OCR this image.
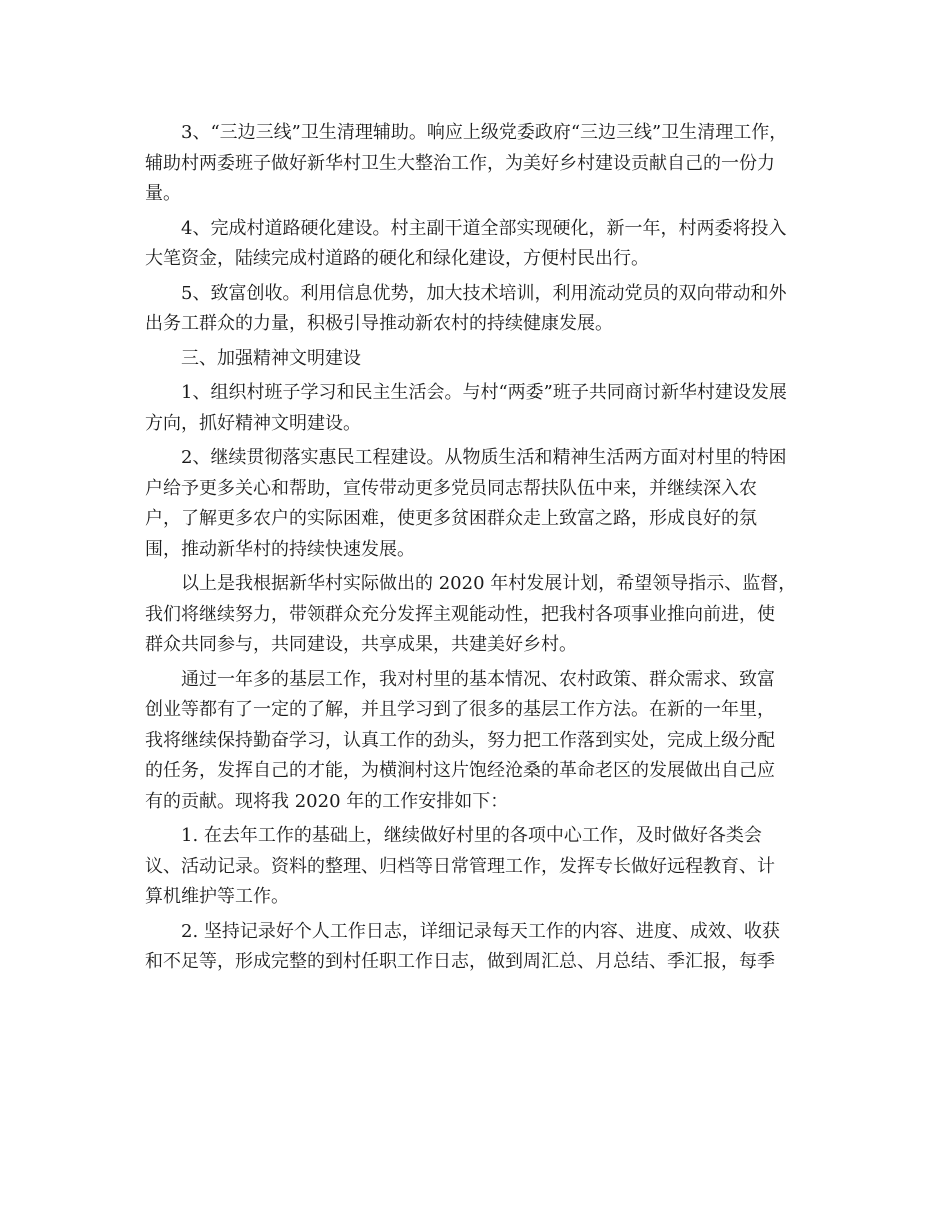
3、“三边三线”卫生清理辅助。响应上级党委政府“三边三线”卫生清理工作，
辅助村两委班子做好新华村卫生大整治工作，为美好乡村建设贡献自己的一份力
量。
4、完成村道路硬化建设。村主副干道全部实现硬化，新一年，村两委将投入
大笔资金，陆续完成村道路的硬化和绿化建设，方便村民出行。
5、致富创收。利用信息优势，加大技术培训，利用流动党员的双向带动和外
出务工群众的力量，积极引导推动新农村的持续健康发展。
三、加强精神文明建设
1、组织村班子学习和民主生活会。与村“两委”班子共同商讨新华村建设发展
方向，抓好精神文明建设。
2、继续贯彻落实惠民工程建设。从物质生活和精神生活两方面对村里的特困
户给予更多关心和帮助，宣传带动更多党员同志帮扶队伍中来，并继续深入农
户，了解更多农户的实际困难，使更多贫困群众走上致富之路，形成良好的氛
围，推动新华村的持续快速发展。
以上是我根据新华村实际做出的 2020 年村发展计划，希望领导指示、监督，
我们将继续努力，带领群众充分发挥主观能动性，把我村各项事业推向前进，使
群众共同参与，共同建设，共享成果，共建美好乡村。
通过一年多的基层工作，我对村里的基本情况、农村政策、群众需求、致富
创业等都有了一定的了解，并且学习到了很多的基层工作方法。在新的一年里，
我将继续保持勤奋学习，认真工作的劲头，努力把工作落到实处，完成上级分配
的任务，发挥自己的才能，为横涧村这片饱经沧桑的革命老区的发展做出自己应
有的贡献。现将我 2020 年的工作安排如下：
1. 在去年工作的基础上，继续做好村里的各项中心工作，及时做好各类会
议、活动记录。资料的整理、归档等日常管理工作，发挥专长做好远程教育、计
算机维护等工作。
2. 坚持记录好个人工作日志，详细记录每天工作的内容、进度、成效、收获
和不足等，形成完整的到村任职工作日志，做到周汇总、月总结、季汇报，每季
